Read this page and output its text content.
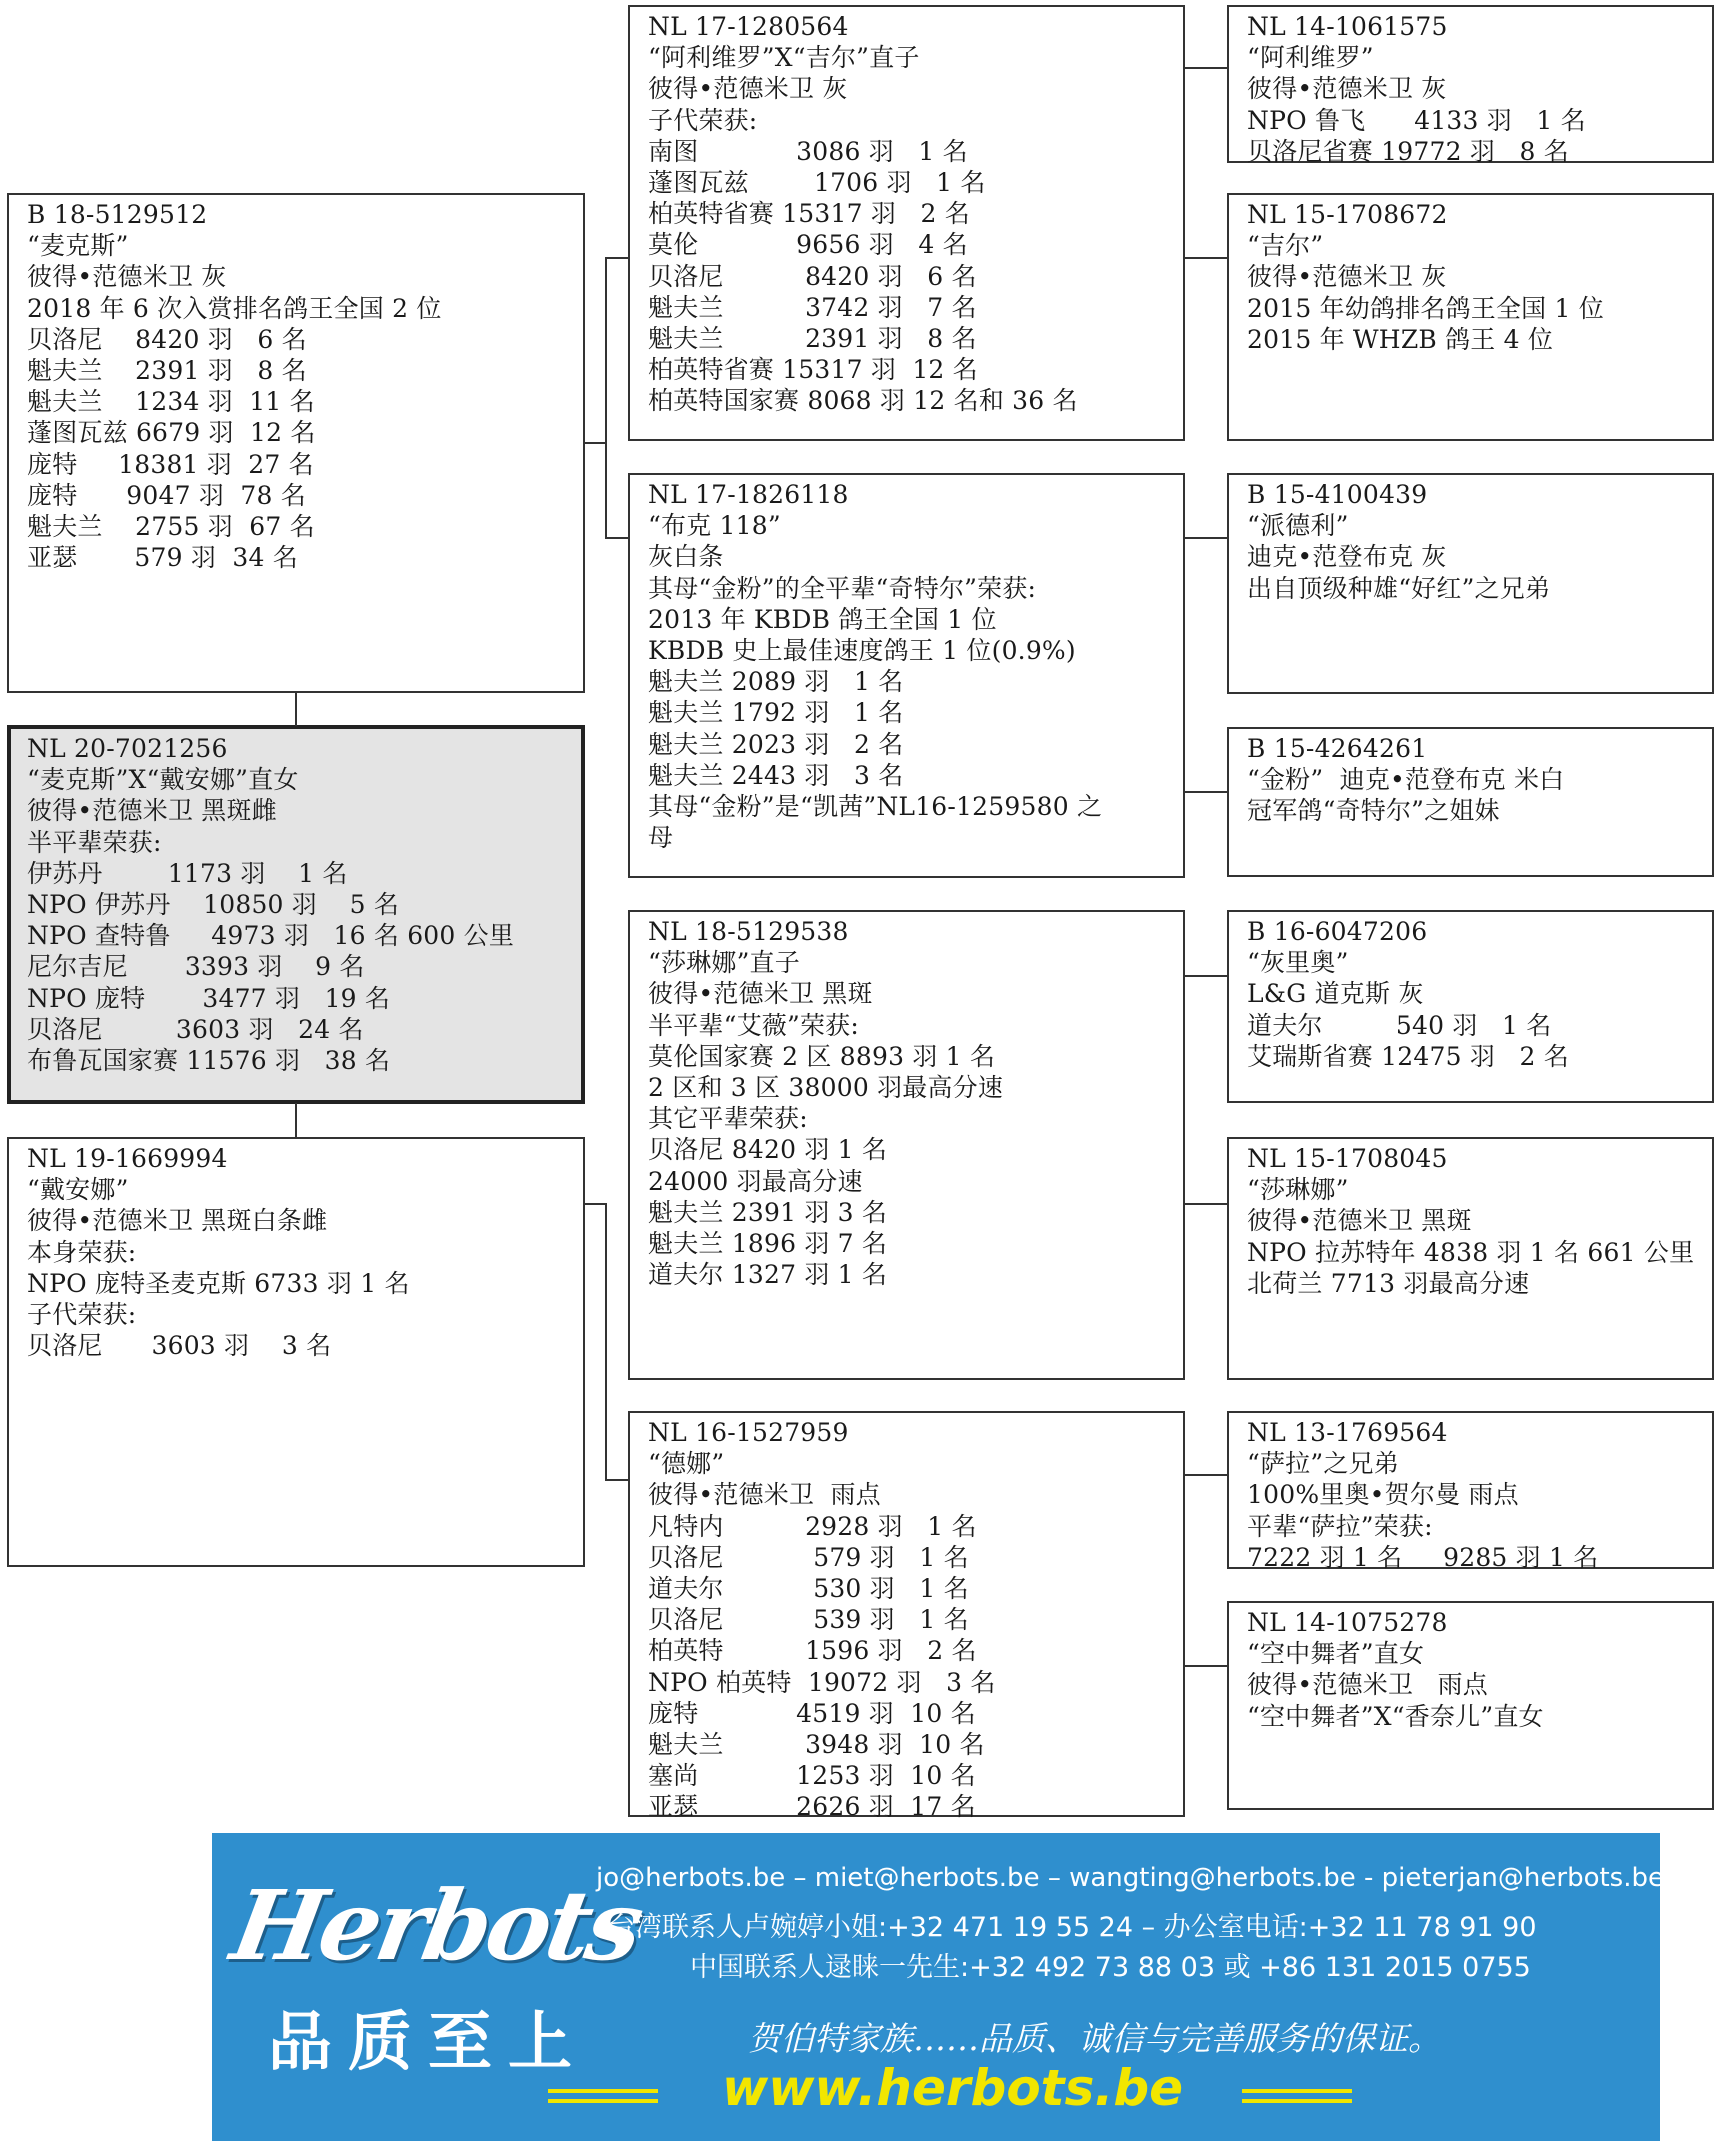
NL 14-1061575
“阿利维罗”
彼得•范德米卫 灰
NPO 鲁飞      4133 羽   1 名
贝洛尼省赛 19772 羽   8 名
NL 15-1708672
“吉尔”
彼得•范德米卫 灰
2015 年幼鸽排名鸽王全国 1 位
2015 年 WHZB 鸽王 4 位
B 15-4100439
“派德利”
迪克•范登布克 灰
出自顶级种雄“好红”之兄弟
B 15-4264261
“金粉”  迪克•范登布克 米白
冠军鸽“奇特尔”之姐妹
B 16-6047206
“灰里奥”
L&G 道克斯 灰
道夫尔         540 羽   1 名
艾瑞斯省赛 12475 羽   2 名
NL 15-1708045
“莎琳娜”
彼得•范德米卫 黑斑
NPO 拉苏特年 4838 羽 1 名 661 公里
北荷兰 7713 羽最高分速
NL 13-1769564
“萨拉”之兄弟
100%里奥•贺尔曼 雨点
平辈“萨拉”荣获:
7222 羽 1 名     9285 羽 1 名
NL 14-1075278
“空中舞者”直女
彼得•范德米卫   雨点
“空中舞者”X“香奈儿”直女
NL 17-1280564
“阿利维罗”X“吉尔”直子
彼得•范德米卫 灰
子代荣获:
南图            3086 羽   1 名
蓬图瓦兹        1706 羽   1 名
柏英特省赛 15317 羽   2 名
莫伦            9656 羽   4 名
贝洛尼          8420 羽   6 名
魁夫兰          3742 羽   7 名
魁夫兰          2391 羽   8 名
柏英特省赛 15317 羽  12 名
柏英特国家赛 8068 羽 12 名和 36 名
NL 17-1826118
“布克 118”
灰白条
其母“金粉”的全平辈“奇特尔”荣获:
2013 年 KBDB 鸽王全国 1 位
KBDB 史上最佳速度鸽王 1 位(0.9%)
魁夫兰 2089 羽   1 名
魁夫兰 1792 羽   1 名
魁夫兰 2023 羽   2 名
魁夫兰 2443 羽   3 名
其母“金粉”是“凯茜”NL16-1259580 之
母
NL 18-5129538
“莎琳娜”直子
彼得•范德米卫 黑斑
半平辈“艾薇”荣获:
莫伦国家赛 2 区 8893 羽 1 名
2 区和 3 区 38000 羽最高分速
其它平辈荣获:
贝洛尼 8420 羽 1 名
24000 羽最高分速
魁夫兰 2391 羽 3 名
魁夫兰 1896 羽 7 名
道夫尔 1327 羽 1 名
NL 16-1527959
“德娜”
彼得•范德米卫  雨点
凡特内          2928 羽   1 名
贝洛尼           579 羽   1 名
道夫尔           530 羽   1 名
贝洛尼           539 羽   1 名
柏英特          1596 羽   2 名
NPO 柏英特  19072 羽   3 名
庞特            4519 羽  10 名
魁夫兰          3948 羽  10 名
塞尚            1253 羽  10 名
亚瑟            2626 羽  17 名
B 18-5129512
“麦克斯”
彼得•范德米卫 灰
2018 年 6 次入赏排名鸽王全国 2 位
贝洛尼    8420 羽   6 名
魁夫兰    2391 羽   8 名
魁夫兰    1234 羽  11 名
蓬图瓦兹 6679 羽  12 名
庞特     18381 羽  27 名
庞特      9047 羽  78 名
魁夫兰    2755 羽  67 名
亚瑟       579 羽  34 名
NL 20-7021256
“麦克斯”X“戴安娜”直女
彼得•范德米卫 黑斑雌
半平辈荣获:
伊苏丹        1173 羽    1 名
NPO 伊苏丹    10850 羽    5 名
NPO 查特鲁     4973 羽   16 名 600 公里
尼尔吉尼       3393 羽    9 名
NPO 庞特       3477 羽   19 名
贝洛尼         3603 羽   24 名
布鲁瓦国家赛 11576 羽   38 名
NL 19-1669994
“戴安娜”
彼得•范德米卫 黑斑白条雌
本身荣获:
NPO 庞特圣麦克斯 6733 羽 1 名
子代荣获:
贝洛尼      3603 羽    3 名
Herbots
品质至上
jo@herbots.be – miet@herbots.be – wangting@herbots.be - pieterjan@herbots.be
台湾联系人卢婉婷小姐:+32 471 19 55 24 – 办公室电话:+32 11 78 91 90
中国联系人逯睐一先生:+32 492 73 88 03 或 +86 131 2015 0755
贺伯特家族……品质、诚信与完善服务的保证。
www.herbots.be
